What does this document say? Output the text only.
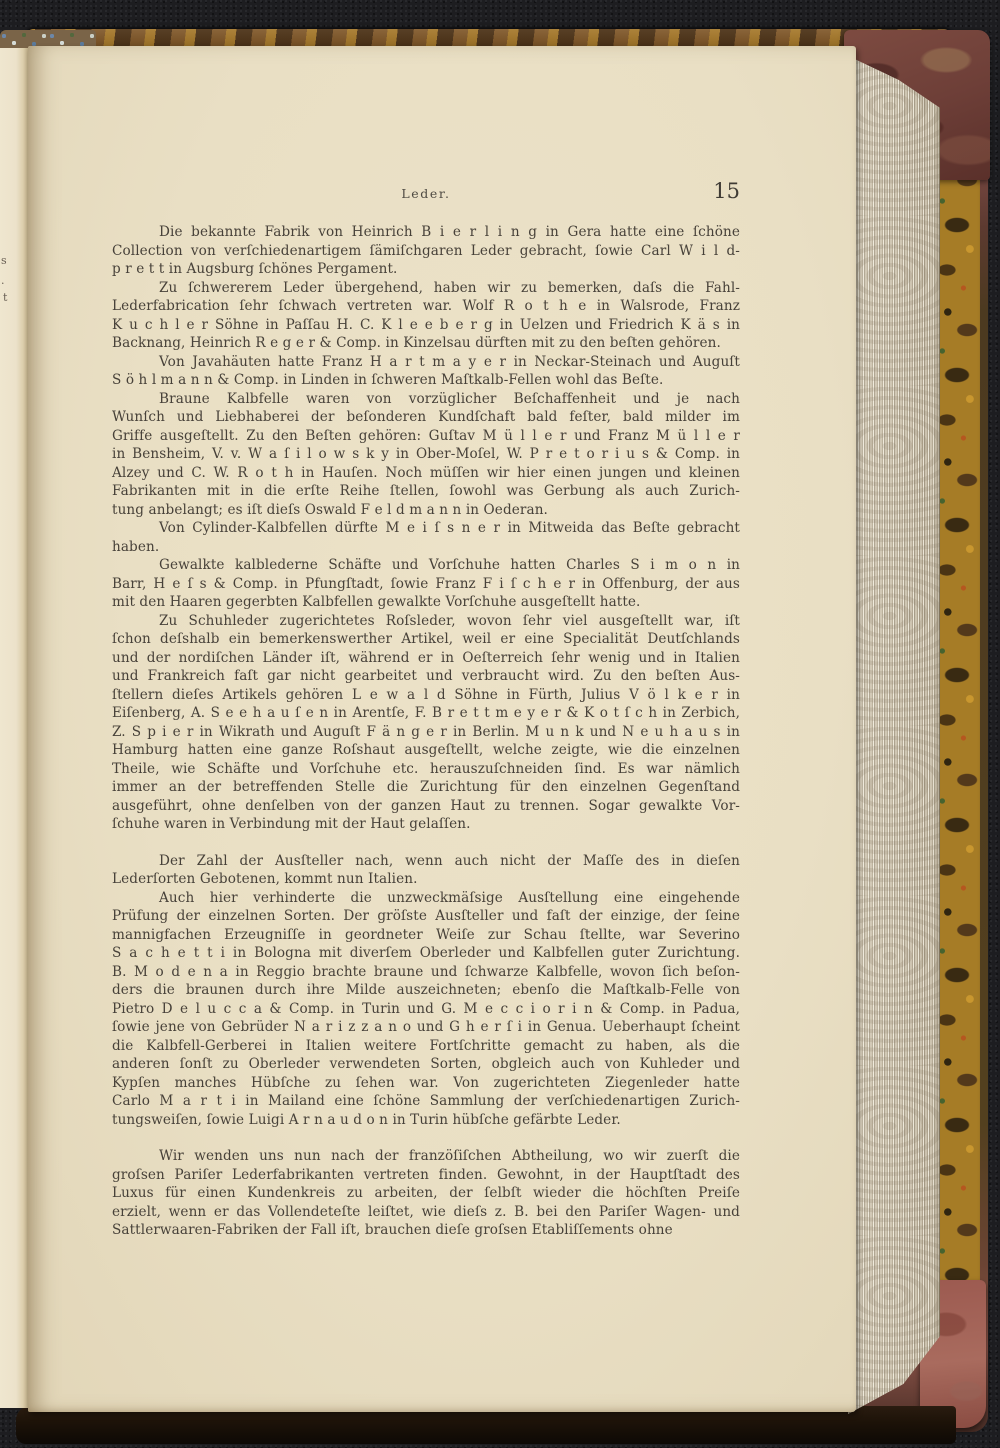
s
.
t
Leder.	15
Die bekannte Fabrik von Heinrich B i e r l i n g in Gera hatte eine ſchöne
Collection von verſchiedenartigem ſämiſchgaren Leder gebracht, ſowie Carl W i l d-
p r e t t in Augsburg ſchönes Pergament.
Zu ſchwererem Leder übergehend, haben wir zu bemerken, daſs die Fahl-
Lederfabrication ſehr ſchwach vertreten war. Wolf R o t h e in Walsrode, Franz
K u c h l e r Söhne in Paſſau H. C. K l e e b e r g in Uelzen und Friedrich K ä s in
Backnang, Heinrich R e g e r & Comp. in Kinzelsau dürften mit zu den beſten gehören.
Von Javahäuten hatte Franz H a r t m a y e r in Neckar-Steinach und Auguſt
S ö h l m a n n & Comp. in Linden in ſchweren Maſtkalb-Fellen wohl das Beſte.
Braune Kalbfelle waren von vorzüglicher Beſchaffenheit und je nach
Wunſch und Liebhaberei der beſonderen Kundſchaft bald feſter, bald milder im
Griffe ausgeſtellt. Zu den Beſten gehören: Guſtav M ü l l e r und Franz M ü l l e r
in Bensheim, V. v. W a ſ i l o w s k y in Ober-Moſel, W. P r e t o r i u s & Comp. in
Alzey und C. W. R o t h in Hauſen. Noch müſſen wir hier einen jungen und kleinen
Fabrikanten mit in die erſte Reihe ſtellen, ſowohl was Gerbung als auch Zurich-
tung anbelangt; es iſt dieſs Oswald F e l d m a n n in Oederan.
Von Cylinder-Kalbfellen dürfte M e i ſ s n e r in Mitweida das Beſte gebracht
haben.
Gewalkte kalblederne Schäfte und Vorſchuhe hatten Charles S i m o n in
Barr, H e ſ s & Comp. in Pfungſtadt, ſowie Franz F i ſ c h e r in Offenburg, der aus
mit den Haaren gegerbten Kalbfellen gewalkte Vorſchuhe ausgeſtellt hatte.
Zu Schuhleder zugerichtetes Roſsleder, wovon ſehr viel ausgeſtellt war, iſt
ſchon deſshalb ein bemerkenswerther Artikel, weil er eine Specialität Deutſchlands
und der nordiſchen Länder iſt, während er in Oeſterreich ſehr wenig und in Italien
und Frankreich faſt gar nicht gearbeitet und verbraucht wird. Zu den beſten Aus-
ſtellern dieſes Artikels gehören L e w a l d Söhne in Fürth, Julius V ö l k e r in
Eiſenberg, A. S e e h a u ſ e n in Arentſe, F. B r e t t m e y e r & K o t ſ c h in Zerbich,
Z. S p i e r in Wikrath und Auguſt F ä n g e r in Berlin. M u n k und N e u h a u s in
Hamburg hatten eine ganze Roſshaut ausgeſtellt, welche zeigte, wie die einzelnen
Theile, wie Schäfte und Vorſchuhe etc. herauszuſchneiden ſind. Es war nämlich
immer an der betreffenden Stelle die Zurichtung für den einzelnen Gegenſtand
ausgeführt, ohne denſelben von der ganzen Haut zu trennen. Sogar gewalkte Vor-
ſchuhe waren in Verbindung mit der Haut gelaſſen.
Der Zahl der Ausſteller nach, wenn auch nicht der Maſſe des in dieſen
Lederſorten Gebotenen, kommt nun Italien.
Auch hier verhinderte die unzweckmäſsige Ausſtellung eine eingehende
Prüfung der einzelnen Sorten. Der gröſste Ausſteller und faſt der einzige, der ſeine
mannigfachen Erzeugniſſe in geordneter Weiſe zur Schau ſtellte, war Severino
S a c h e t t i in Bologna mit diverſem Oberleder und Kalbfellen guter Zurichtung.
B. M o d e n a in Reggio brachte braune und ſchwarze Kalbfelle, wovon ſich beſon-
ders die braunen durch ihre Milde auszeichneten; ebenſo die Maſtkalb-Felle von
Pietro D e l u c c a & Comp. in Turin und G. M e c c i o r i n & Comp. in Padua,
ſowie jene von Gebrüder N a r i z z a n o und G h e r ſ i in Genua. Ueberhaupt ſcheint
die Kalbfell-Gerberei in Italien weitere Fortſchritte gemacht zu haben, als die
anderen ſonſt zu Oberleder verwendeten Sorten, obgleich auch von Kuhleder und
Kypſen manches Hübſche zu ſehen war. Von zugerichteten Ziegenleder hatte
Carlo M a r t i in Mailand eine ſchöne Sammlung der verſchiedenartigen Zurich-
tungsweiſen, ſowie Luigi A r n a u d o n in Turin hübſche gefärbte Leder.
Wir wenden uns nun nach der franzöſiſchen Abtheilung, wo wir zuerſt die
groſsen Pariſer Lederfabrikanten vertreten finden. Gewohnt, in der Hauptſtadt des
Luxus für einen Kundenkreis zu arbeiten, der ſelbſt wieder die höchſten Preiſe
erzielt, wenn er das Vollendeteſte leiſtet, wie dieſs z. B. bei den Pariſer Wagen- und
Sattlerwaaren-Fabriken der Fall iſt, brauchen dieſe groſsen Etabliſſements ohne
